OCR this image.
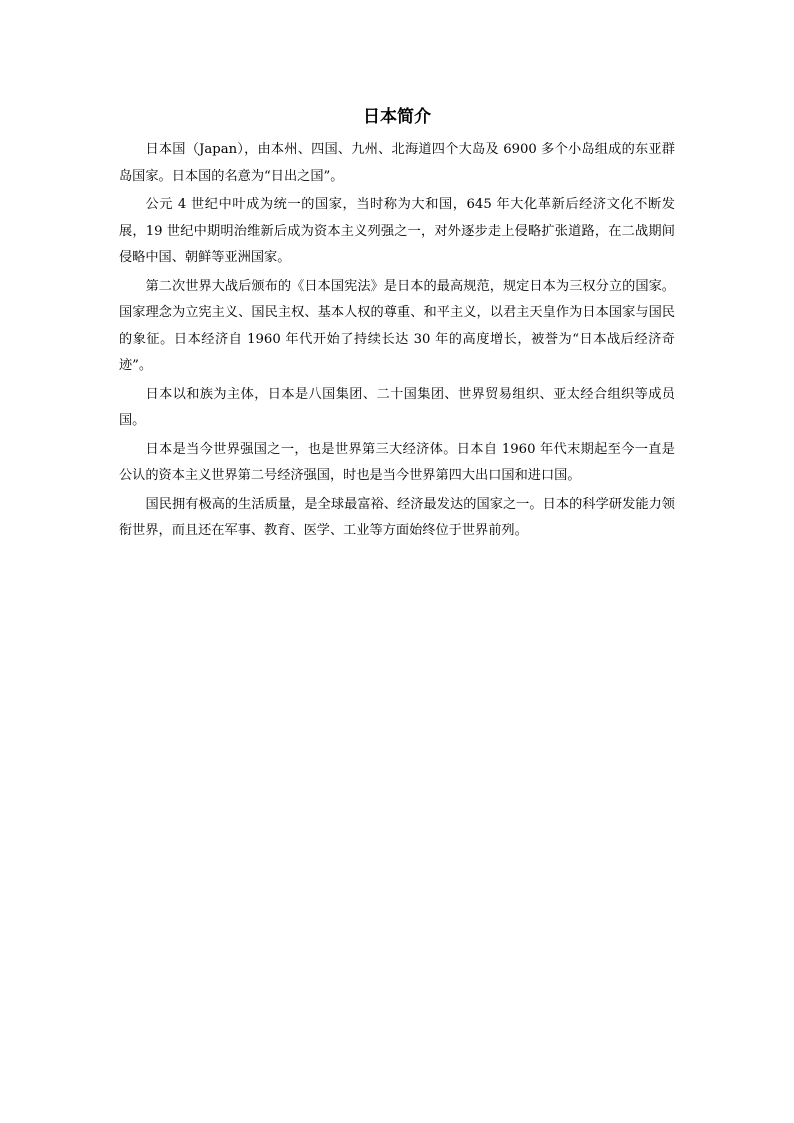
日本简介

日本国（Japan），由本州、四国、九州、北海道四个大岛及 6900 多个小岛组成的东亚群岛国家。日本国的名意为“日出之国”。

公元 4 世纪中叶成为统一的国家，当时称为大和国，645 年大化革新后经济文化不断发展，19 世纪中期明治维新后成为资本主义列强之一，对外逐步走上侵略扩张道路，在二战期间侵略中国、朝鲜等亚洲国家。

第二次世界大战后颁布的《日本国宪法》是日本的最高规范，规定日本为三权分立的国家。国家理念为立宪主义、国民主权、基本人权的尊重、和平主义，以君主天皇作为日本国家与国民的象征。日本经济自 1960 年代开始了持续长达 30 年的高度增长，被誉为“日本战后经济奇迹”。

日本以和族为主体，日本是八国集团、二十国集团、世界贸易组织、亚太经合组织等成员国。

日本是当今世界强国之一，也是世界第三大经济体。日本自 1960 年代末期起至今一直是公认的资本主义世界第二号经济强国，时也是当今世界第四大出口国和进口国。

国民拥有极高的生活质量，是全球最富裕、经济最发达的国家之一。日本的科学研发能力领衔世界，而且还在军事、教育、医学、工业等方面始终位于世界前列。
